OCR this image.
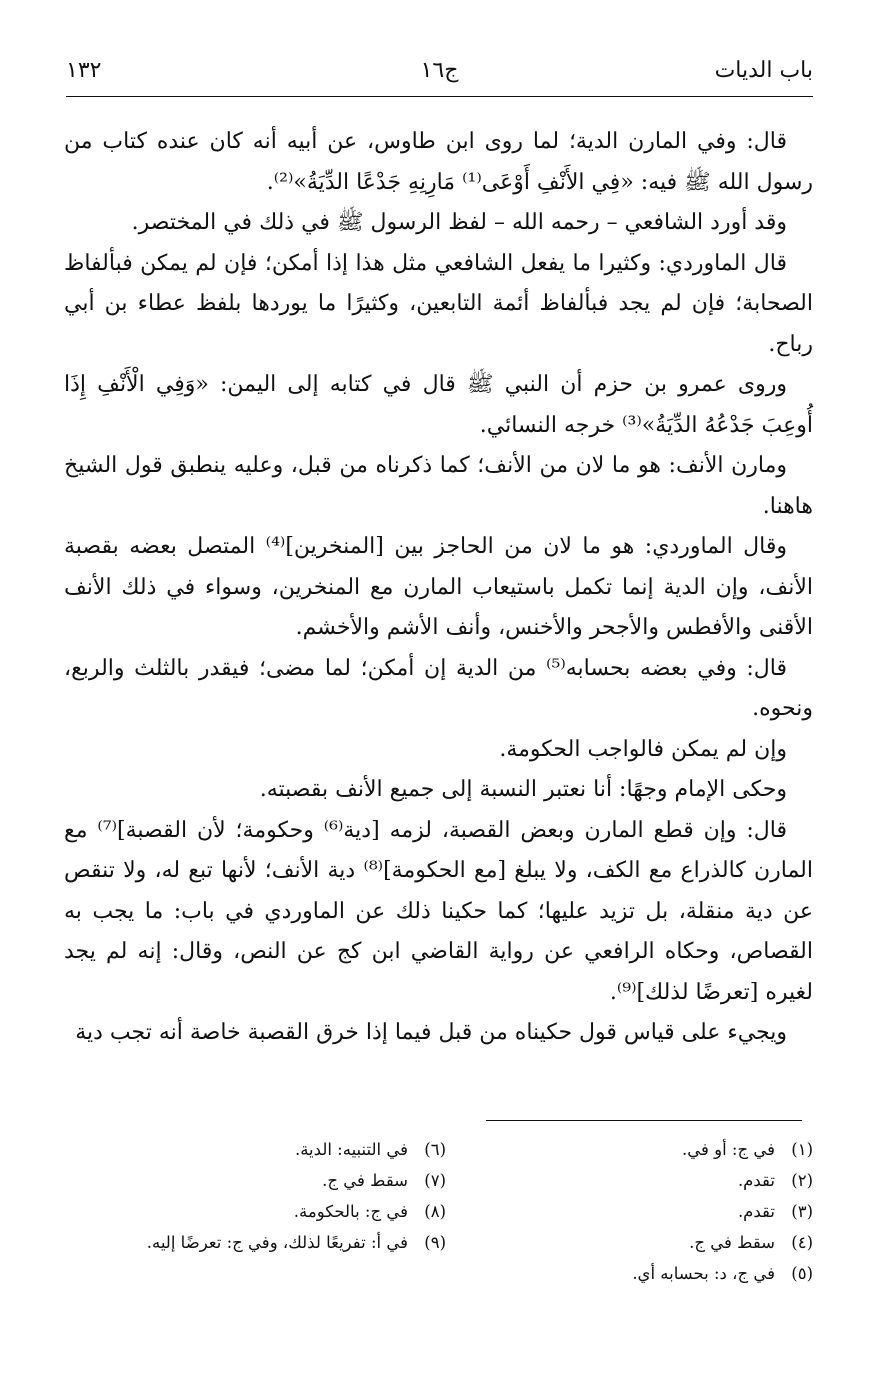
باب الديات
ج١٦
١٣٢

قال: وفي المارن الدية؛ لما روى ابن طاوس، عن أبيه أنه كان عنده كتاب من رسول الله ﷺ فيه: «فِي الأَنْفِ أَوْعَى⁽¹⁾ مَارِنِهِ جَدْعًا الدِّيَةُ»⁽²⁾.

وقد أورد الشافعي – رحمه الله – لفظ الرسول ﷺ في ذلك في المختصر.

قال الماوردي: وكثيرا ما يفعل الشافعي مثل هذا إذا أمكن؛ فإن لم يمكن فبألفاظ الصحابة؛ فإن لم يجد فبألفاظ أئمة التابعين، وكثيرًا ما يوردها بلفظ عطاء بن أبي رباح.

وروى عمرو بن حزم أن النبي ﷺ قال في كتابه إلى اليمن: «وَفِي الْأَنْفِ إِذَا أُوعِبَ جَدْعُهُ الدِّيَةُ»⁽³⁾ خرجه النسائي.

ومارن الأنف: هو ما لان من الأنف؛ كما ذكرناه من قبل، وعليه ينطبق قول الشيخ هاهنا.

وقال الماوردي: هو ما لان من الحاجز بين [المنخرين]⁽⁴⁾ المتصل بعضه بقصبة الأنف، وإن الدية إنما تكمل باستيعاب المارن مع المنخرين، وسواء في ذلك الأنف الأقنى والأفطس والأجحر والأخنس، وأنف الأشم والأخشم.

قال: وفي بعضه بحسابه⁽⁵⁾ من الدية إن أمكن؛ لما مضى؛ فيقدر بالثلث والربع، ونحوه.

وإن لم يمكن فالواجب الحكومة.

وحكى الإمام وجهًا: أنا نعتبر النسبة إلى جميع الأنف بقصبته.

قال: وإن قطع المارن وبعض القصبة، لزمه [دية⁽⁶⁾ وحكومة؛ لأن القصبة]⁽⁷⁾ مع المارن كالذراع مع الكف، ولا يبلغ [مع الحكومة]⁽⁸⁾ دية الأنف؛ لأنها تبع له، ولا تنقص عن دية منقلة، بل تزيد عليها؛ كما حكينا ذلك عن الماوردي في باب: ما يجب به القصاص، وحكاه الرافعي عن رواية القاضي ابن كج عن النص، وقال: إنه لم يجد لغيره [تعرضًا لذلك]⁽⁹⁾.

ويجيء على قياس قول حكيناه من قبل فيما إذا خرق القصبة خاصة أنه تجب دية

(١)في ج: أو في.
(٢)تقدم.
(٣)تقدم.
(٤)سقط في ج.
(٥)في ج، د: بحسابه أي.
(٦)في التنبيه: الدية.
(٧)سقط في ج.
(٨)في ج: بالحكومة.
(٩)في أ: تفريعًا لذلك، وفي ج: تعرضًا إليه.
